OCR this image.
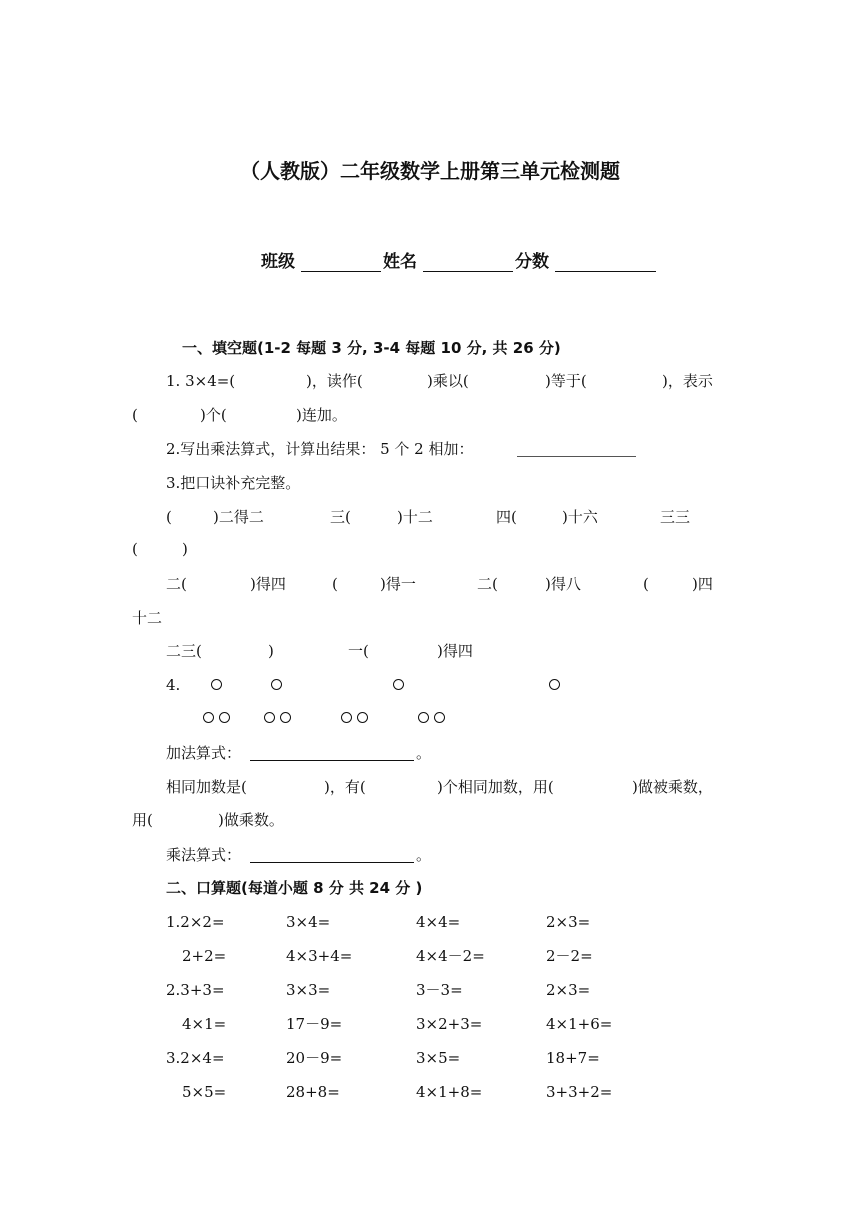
（人教版）二年级数学上册第三单元检测题
班级	姓名	分数
一、填空题(1-2 每题 3 分, 3-4 每题 10 分, 共 26 分)
1. 3×4=(	)，读作(	)乘以(	)等于(	)，表示
(	)个(	)连加。
2.写出乘法算式，计算出结果： 5 个 2 相加：
3.把口诀补充完整。
(	)二得二	三(	)十二	四(	)十六	三三
(	)
二(	)得四	(	)得一	二(	)得八	(	)四
十二
二三(	)	一(	)得四
4.
加法算式：	。
相同加数是(	)，有(	)个相同加数，用(	)做被乘数，
用(	)做乘数。
乘法算式：	。
二、口算题(每道小题 8 分 共 24 分 )
1.2×2=	3×4=	4×4=	2×3=
2+2=	4×3+4=	4×4－2=	2－2=
2.3+3=	3×3=	3－3=	2×3=
4×1=	17－9=	3×2+3=	4×1+6=
3.2×4=	20－9=	3×5=	18+7=
5×5=	28+8=	4×1+8=	3+3+2=
